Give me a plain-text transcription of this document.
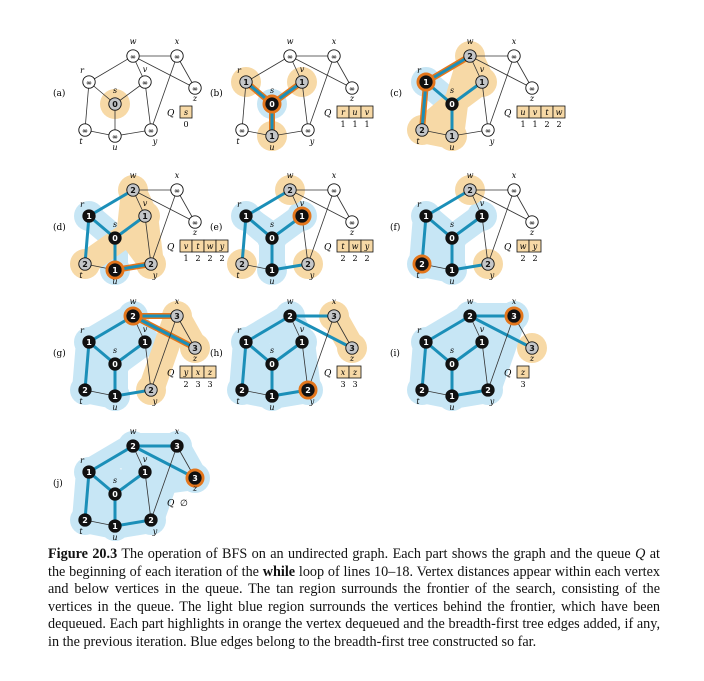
(a)
∞
w
∞
x
∞
r
∞
v
∞
z
0
s
∞
t	∞
u
∞
y
Q s
0
(b)
∞
w
∞
x
1
r
1
v
∞
z
0
s
∞
t
1
u
∞
y
Q r
1
u
1
v
1
(c)
2
w
∞
x
1
r
1
v
∞
z
0
s
2
t
1
u
∞
y
Q u
1
v
1
t
2
w
2
(d)
2
w
∞
x
1
r
1
v
∞
z
0
s
2
t
1
u
2
y
Q v
1
t
2
w
2
y
2
(e)
2
w
∞
x
1
r
1
v
∞
z
0
s
2
t
1
u
2
y
Q t
2
w
2
y
2
(f)
2
w
∞
x
1
r
1
v
∞
z
0
s
2
t
1
u
2
y
Q w
2
y
2
(g)
2
w
3
x
1
r
1
v
3
z
0
s
2
t
1
u
2
y
Q y
2
x
3
z
3
(h)
2
w
3
x
1
r
1
v
3
z
0
s
2
t
1
u
2
y
Q x
3
z
3
(i)
2
w
3
x
1
r
1
v
3
z
0
s
2
t
1
u
2
y
Q z
3
(j)
2
w
3
x
1
r
1
v
3
z
0
s
2
t
1
u
2
y
Q ∅

Figure 20.3 The operation of BFS on an undirected graph. Each part shows the graph and the queue Q at the beginning of each iteration of the while loop of lines 10–18. Vertex distances appear within each vertex and below vertices in the queue. The tan region surrounds the frontier of the search, consisting of the vertices in the queue. The light blue region surrounds the vertices behind the frontier, which have been dequeued. Each part highlights in orange the vertex dequeued and the breadth-first tree edges added, if any, in the previous iteration. Blue edges belong to the breadth-first tree constructed so far.
